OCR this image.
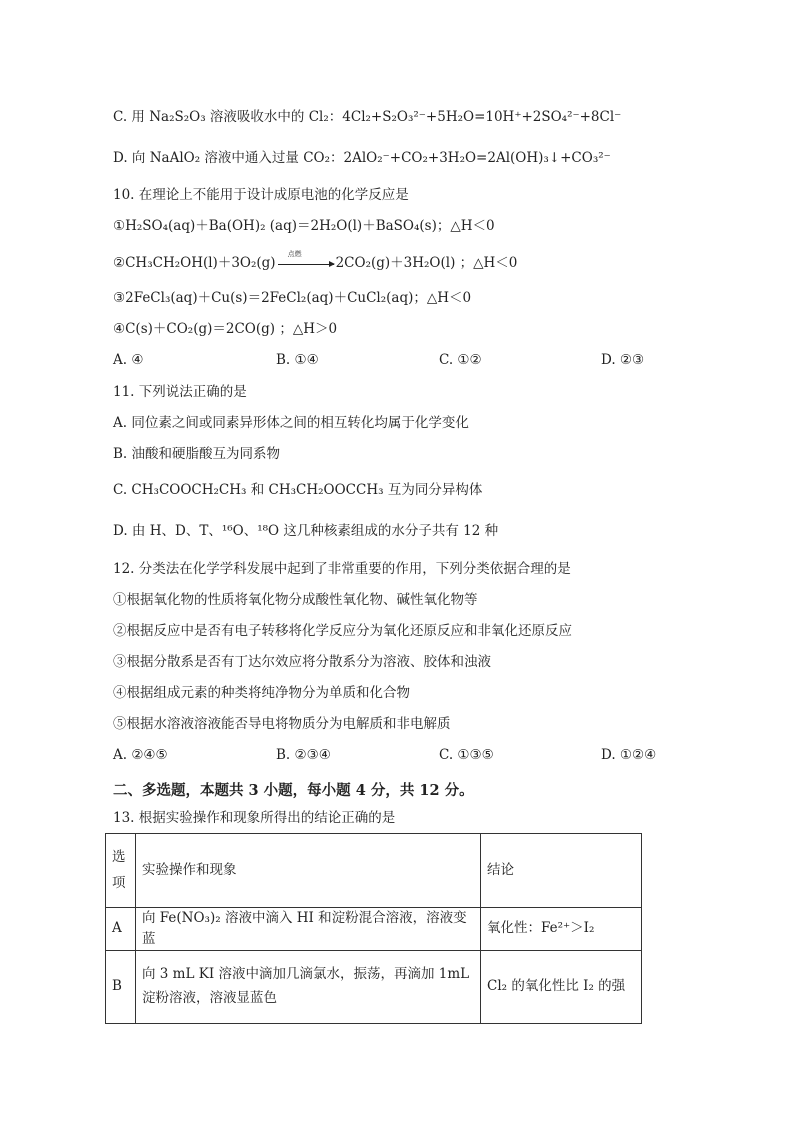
C. 用 Na₂S₂O₃ 溶液吸收水中的 Cl₂：4Cl₂+S₂O₃²⁻+5H₂O=10H⁺+2SO₄²⁻+8Cl⁻
D. 向 NaAlO₂ 溶液中通入过量 CO₂：2AlO₂⁻+CO₂+3H₂O=2Al(OH)₃↓+CO₃²⁻
10. 在理论上不能用于设计成原电池的化学反应是
①H₂SO₄(aq)＋Ba(OH)₂ (aq)＝2H₂O(l)＋BaSO₄(s)；△H＜0
②CH₃CH₂OH(l)＋3O₂(g)
点燃
2CO₂(g)＋3H₂O(l) ；△H＜0
③2FeCl₃(aq)＋Cu(s)＝2FeCl₂(aq)＋CuCl₂(aq)；△H＜0
④C(s)＋CO₂(g)＝2CO(g) ；△H＞0
A. ④	B. ①④	C. ①②	D. ②③
11. 下列说法正确的是
A. 同位素之间或同素异形体之间的相互转化均属于化学变化
B. 油酸和硬脂酸互为同系物
C. CH₃COOCH₂CH₃ 和 CH₃CH₂OOCCH₃ 互为同分异构体
D. 由 H、D、T、¹⁶O、¹⁸O 这几种核素组成的水分子共有 12 种
12. 分类法在化学学科发展中起到了非常重要的作用，下列分类依据合理的是
①根据氧化物的性质将氧化物分成酸性氧化物、碱性氧化物等
②根据反应中是否有电子转移将化学反应分为氧化还原反应和非氧化还原反应
③根据分散系是否有丁达尔效应将分散系分为溶液、胶体和浊液
④根据组成元素的种类将纯净物分为单质和化合物
⑤根据水溶液溶液能否导电将物质分为电解质和非电解质
A. ②④⑤	B. ②③④	C. ①③⑤	D. ①②④
二、多选题，本题共 3 小题，每小题 4 分，共 12 分。
13. 根据实验操作和现象所得出的结论正确的是
选项	实验操作和现象	结论
A	向 Fe(NO₃)₂ 溶液中滴入 HI 和淀粉混合溶液，溶液变蓝	氧化性：Fe²⁺＞I₂
B	向 3 mL KI 溶液中滴加几滴氯水，振荡，再滴加 1mL 淀粉溶液，溶液显蓝色	Cl₂ 的氧化性比 I₂ 的强
